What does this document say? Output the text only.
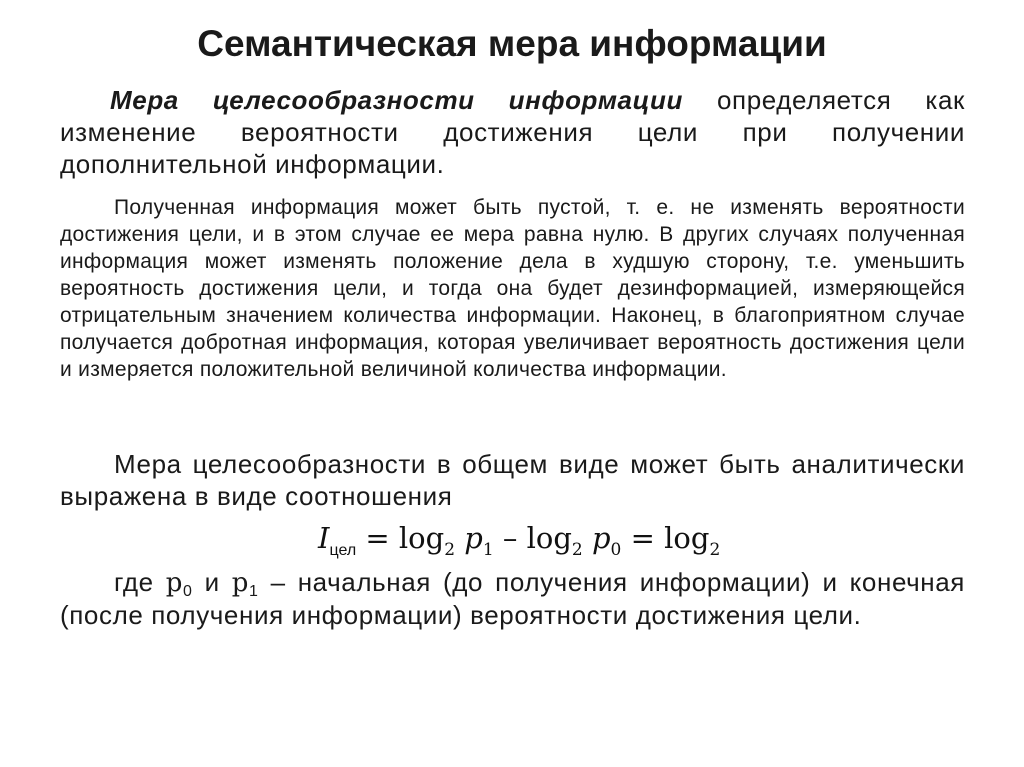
Семантическая мера информации

Мера целесообразности информации определяется как изменение вероятности достижения цели при получении дополнительной информации.

Полученная информация может быть пустой, т. е. не изменять вероятности достижения цели, и в этом случае ее мера равна нулю. В других случаях полученная информация может изменять положение дела в худшую сторону, т.е. уменьшить вероятность достижения цели, и тогда она будет дезинформацией, измеряющейся отрицательным значением количества информации. Наконец, в благоприятном случае получается добротная информация, которая увеличивает вероятность достижения цели и измеряется положительной величиной количества информации.

Мера целесообразности в общем виде может быть аналитически выражена в виде соотношения

$I_{цел} = \log_2 p_1 - \log_2 p_0 = \log_2$

где $p_0$ и $p_1$ – начальная (до получения информации) и конечная (после получения информации) вероятности достижения цели.
